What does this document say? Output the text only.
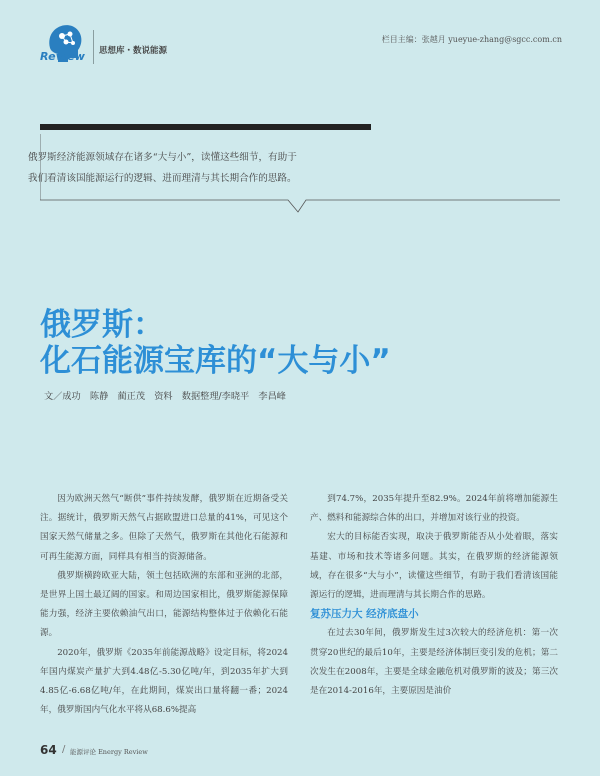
Review 思想库・数说能源
栏目主编：张越月 yueyue-zhang@sgcc.com.cn
俄罗斯经济能源领域存在诸多“大与小”，读懂这些细节，有助于
我们看清该国能源运行的逻辑、进而理清与其长期合作的思路。
俄罗斯：
化石能源宝库的“大与小”
文／成功　陈静　蔺正茂　资料　数据整理/李晓平　李昌峰

因为欧洲天然气“断供”事件持续发酵，俄罗斯在近期备受关注。据统计，俄罗斯天然气占据欧盟进口总量的41%，可见这个国家天然气储量之多。但除了天然气，俄罗斯在其他化石能源和可再生能源方面，同样具有相当的资源储备。

俄罗斯横跨欧亚大陆，领土包括欧洲的东部和亚洲的北部，是世界上国土最辽阔的国家。和周边国家相比，俄罗斯能源保障能力强，经济主要依赖油气出口，能源结构整体过于依赖化石能源。

2020年，俄罗斯《2035年前能源战略》设定目标，将2024年国内煤炭产量扩大到4.48亿-5.30亿吨/年，到2035年扩大到4.85亿-6.68亿吨/年，在此期间，煤炭出口量将翻一番；2024年，俄罗斯国内气化水平将从68.6%提高

到74.7%，2035年提升至82.9%。2024年前将增加能源生产、燃料和能源综合体的出口，并增加对该行业的投资。

宏大的目标能否实现，取决于俄罗斯能否从小处着眼，落实基建、市场和技术等诸多问题。其实，在俄罗斯的经济能源领域，存在很多“大与小”，读懂这些细节，有助于我们看清该国能源运行的逻辑，进而理清与其长期合作的思路。

复苏压力大 经济底盘小

在过去30年间，俄罗斯发生过3次较大的经济危机：第一次贯穿20世纪的最后10年，主要是经济体制巨变引发的危机；第二次发生在2008年，主要是全球金融危机对俄罗斯的波及；第三次是在2014-2016年，主要原因是油价

64 / 能源评论 Energy Review
